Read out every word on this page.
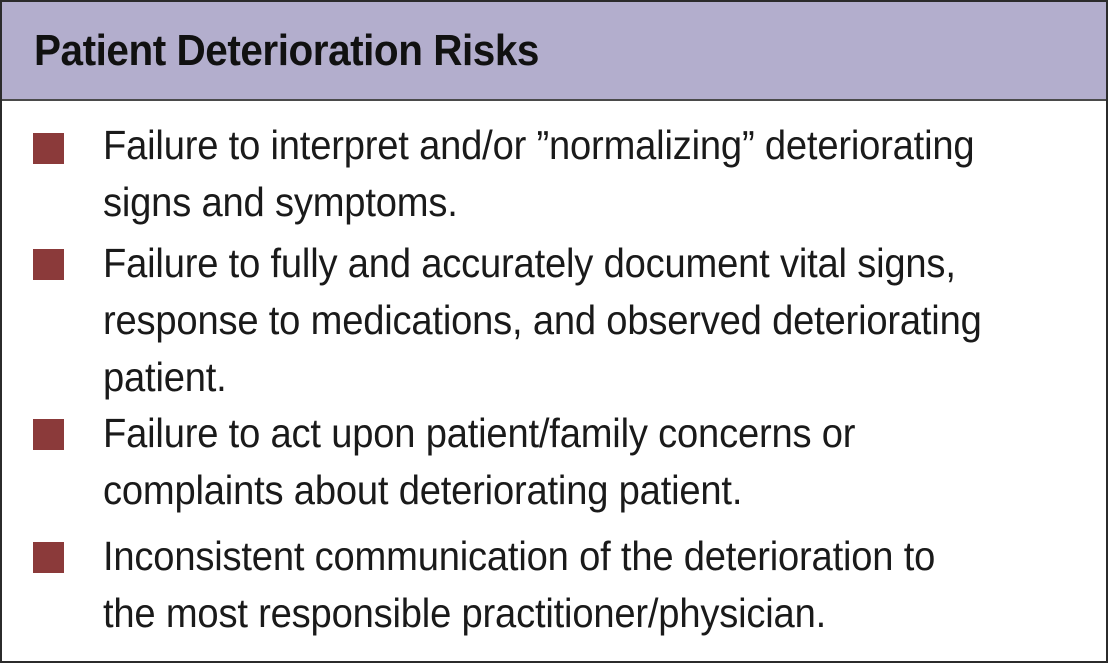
Patient Deterioration Risks
Failure to interpret and/or ”normalizing” deteriorating
signs and symptoms.
Failure to fully and accurately document vital signs,
response to medications, and observed deteriorating
patient.
Failure to act upon patient/family concerns or
complaints about deteriorating patient.
Inconsistent communication of the deterioration to
the most responsible practitioner/physician.
